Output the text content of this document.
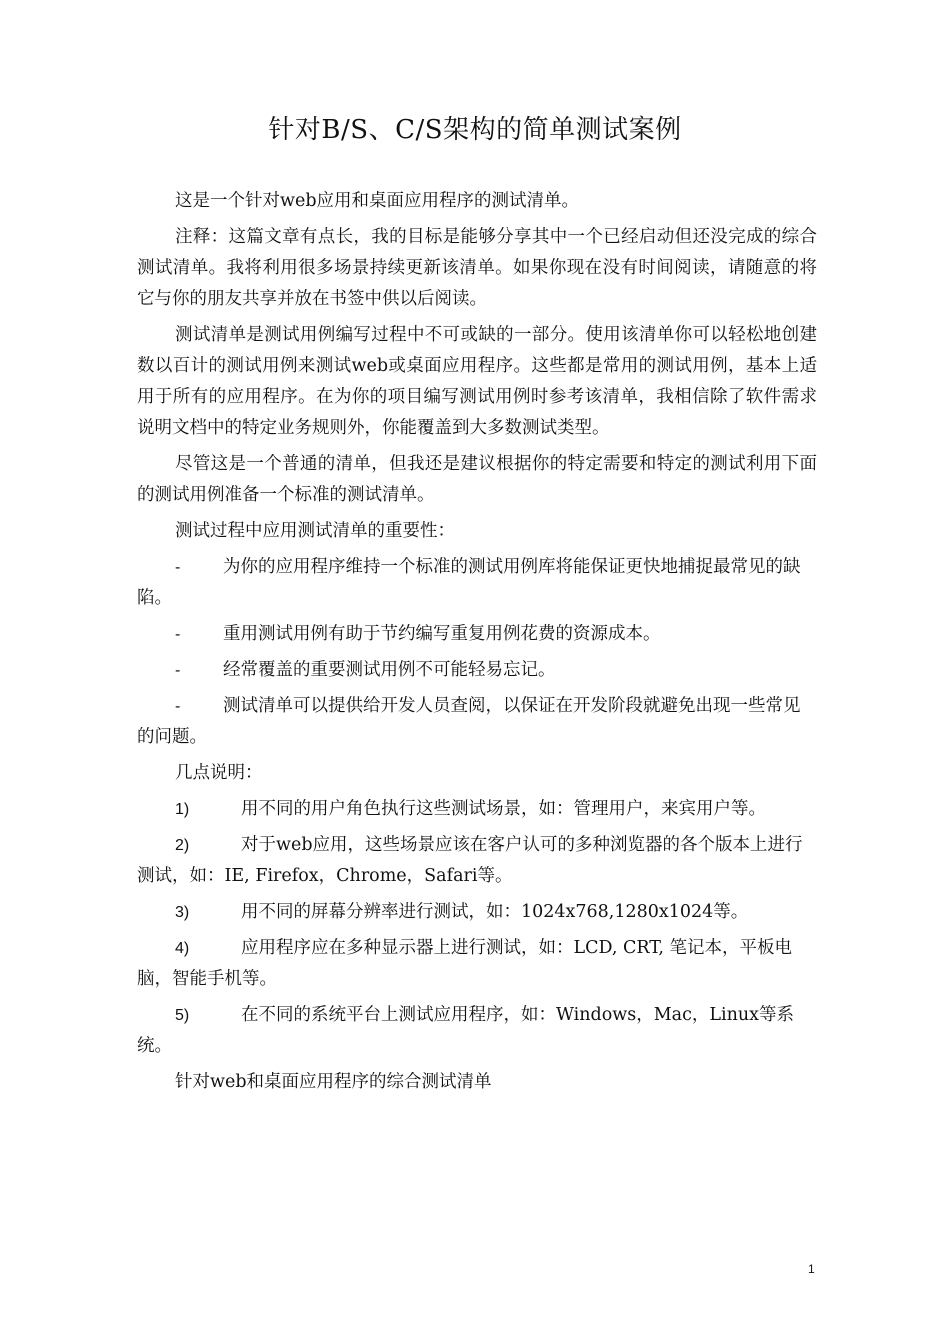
针对B/S、C/S架构的简单测试案例

这是一个针对web应用和桌面应用程序的测试清单。

注释：这篇文章有点长，我的目标是能够分享其中一个已经启动但还没完成的综合测试清单。我将利用很多场景持续更新该清单。如果你现在没有时间阅读，请随意的将它与你的朋友共享并放在书签中供以后阅读。

测试清单是测试用例编写过程中不可或缺的一部分。使用该清单你可以轻松地创建数以百计的测试用例来测试web或桌面应用程序。这些都是常用的测试用例，基本上适用于所有的应用程序。在为你的项目编写测试用例时参考该清单，我相信除了软件需求说明文档中的特定业务规则外，你能覆盖到大多数测试类型。

尽管这是一个普通的清单，但我还是建议根据你的特定需要和特定的测试利用下面的测试用例准备一个标准的测试清单。

测试过程中应用测试清单的重要性：

- 为你的应用程序维持一个标准的测试用例库将能保证更快地捕捉最常见的缺陷。

- 重用测试用例有助于节约编写重复用例花费的资源成本。

- 经常覆盖的重要测试用例不可能轻易忘记。

- 测试清单可以提供给开发人员查阅，以保证在开发阶段就避免出现一些常见的问题。

几点说明：

1)	用不同的用户角色执行这些测试场景，如：管理用户，来宾用户等。

2)	对于web应用，这些场景应该在客户认可的多种浏览器的各个版本上进行测试，如：IE, Firefox，Chrome，Safari等。

3)	用不同的屏幕分辨率进行测试，如：1024x768,1280x1024等。

4)	应用程序应在多种显示器上进行测试，如：LCD, CRT, 笔记本，平板电脑，智能手机等。

5)	在不同的系统平台上测试应用程序，如：Windows，Mac，Linux等系统。

针对web和桌面应用程序的综合测试清单

1
